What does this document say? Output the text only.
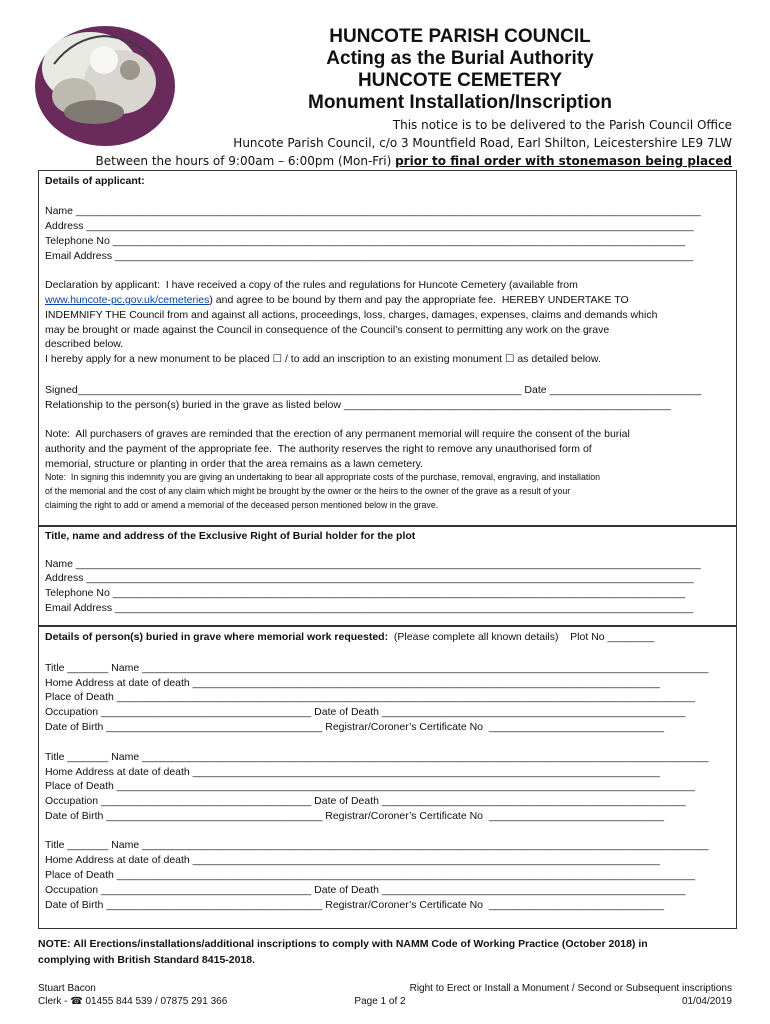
HUNCOTE PARISH COUNCIL
Acting as the Burial Authority
HUNCOTE CEMETERY
Monument Installation/Inscription
This notice is to be delivered to the Parish Council Office
Huncote Parish Council, c/o 3 Mountfield Road, Earl Shilton, Leicestershire LE9 7LW
Between the hours of 9:00am – 6:00pm (Mon-Fri) prior to final order with stonemason being placed
Details of applicant:
Name ___________________________________________________________________________________________________________
Address ________________________________________________________________________________________________________
Telephone No __________________________________________________________________________________________________
Email Address ___________________________________________________________________________________________________
Declaration by applicant:  I have received a copy of the rules and regulations for Huncote Cemetery (available from
www.huncote-pc.gov.uk/cemeteries) and agree to be bound by them and pay the appropriate fee.  HEREBY UNDERTAKE TO
INDEMNIFY THE Council from and against all actions, proceedings, loss, charges, damages, expenses, claims and demands which
may be brought or made against the Council in consequence of the Council’s consent to permitting any work on the grave
described below.
I hereby apply for a new monument to be placed ☐ / to add an inscription to an existing monument ☐ as detailed below.
Signed____________________________________________________________________________ Date __________________________
Relationship to the person(s) buried in the grave as listed below ________________________________________________________
Note:  All purchasers of graves are reminded that the erection of any permanent memorial will require the consent of the burial
authority and the payment of the appropriate fee.  The authority reserves the right to remove any unauthorised form of
memorial, structure or planting in order that the area remains as a lawn cemetery.
Note:  In signing this indemnity you are giving an undertaking to bear all appropriate costs of the purchase, removal, engraving, and installation
of the memorial and the cost of any claim which might be brought by the owner or the heirs to the owner of the grave as a result of your
claiming the right to add or amend a memorial of the deceased person mentioned below in the grave.
Title, name and address of the Exclusive Right of Burial holder for the plot
Name ___________________________________________________________________________________________________________
Address ________________________________________________________________________________________________________
Telephone No __________________________________________________________________________________________________
Email Address ___________________________________________________________________________________________________
Details of person(s) buried in grave where memorial work requested:  (Please complete all known details)    Plot No ________
Title _______ Name _________________________________________________________________________________________________
Home Address at date of death ________________________________________________________________________________
Place of Death ___________________________________________________________________________________________________
Occupation ____________________________________ Date of Death ____________________________________________________
Date of Birth _____________________________________ Registrar/Coroner’s Certificate No  ______________________________
Title _______ Name _________________________________________________________________________________________________
Home Address at date of death ________________________________________________________________________________
Place of Death ___________________________________________________________________________________________________
Occupation ____________________________________ Date of Death ____________________________________________________
Date of Birth _____________________________________ Registrar/Coroner’s Certificate No  ______________________________
Title _______ Name _________________________________________________________________________________________________
Home Address at date of death ________________________________________________________________________________
Place of Death ___________________________________________________________________________________________________
Occupation ____________________________________ Date of Death ____________________________________________________
Date of Birth _____________________________________ Registrar/Coroner’s Certificate No  ______________________________
NOTE: All Erections/installations/additional inscriptions to comply with NAMM Code of Working Practice (October 2018) in
complying with British Standard 8415-2018.
Stuart Bacon
Clerk - ☎ 01455 844 539 / 07875 291 366	Page 1 of 2
Right to Erect or Install a Monument / Second or Subsequent inscriptions
01/04/2019
